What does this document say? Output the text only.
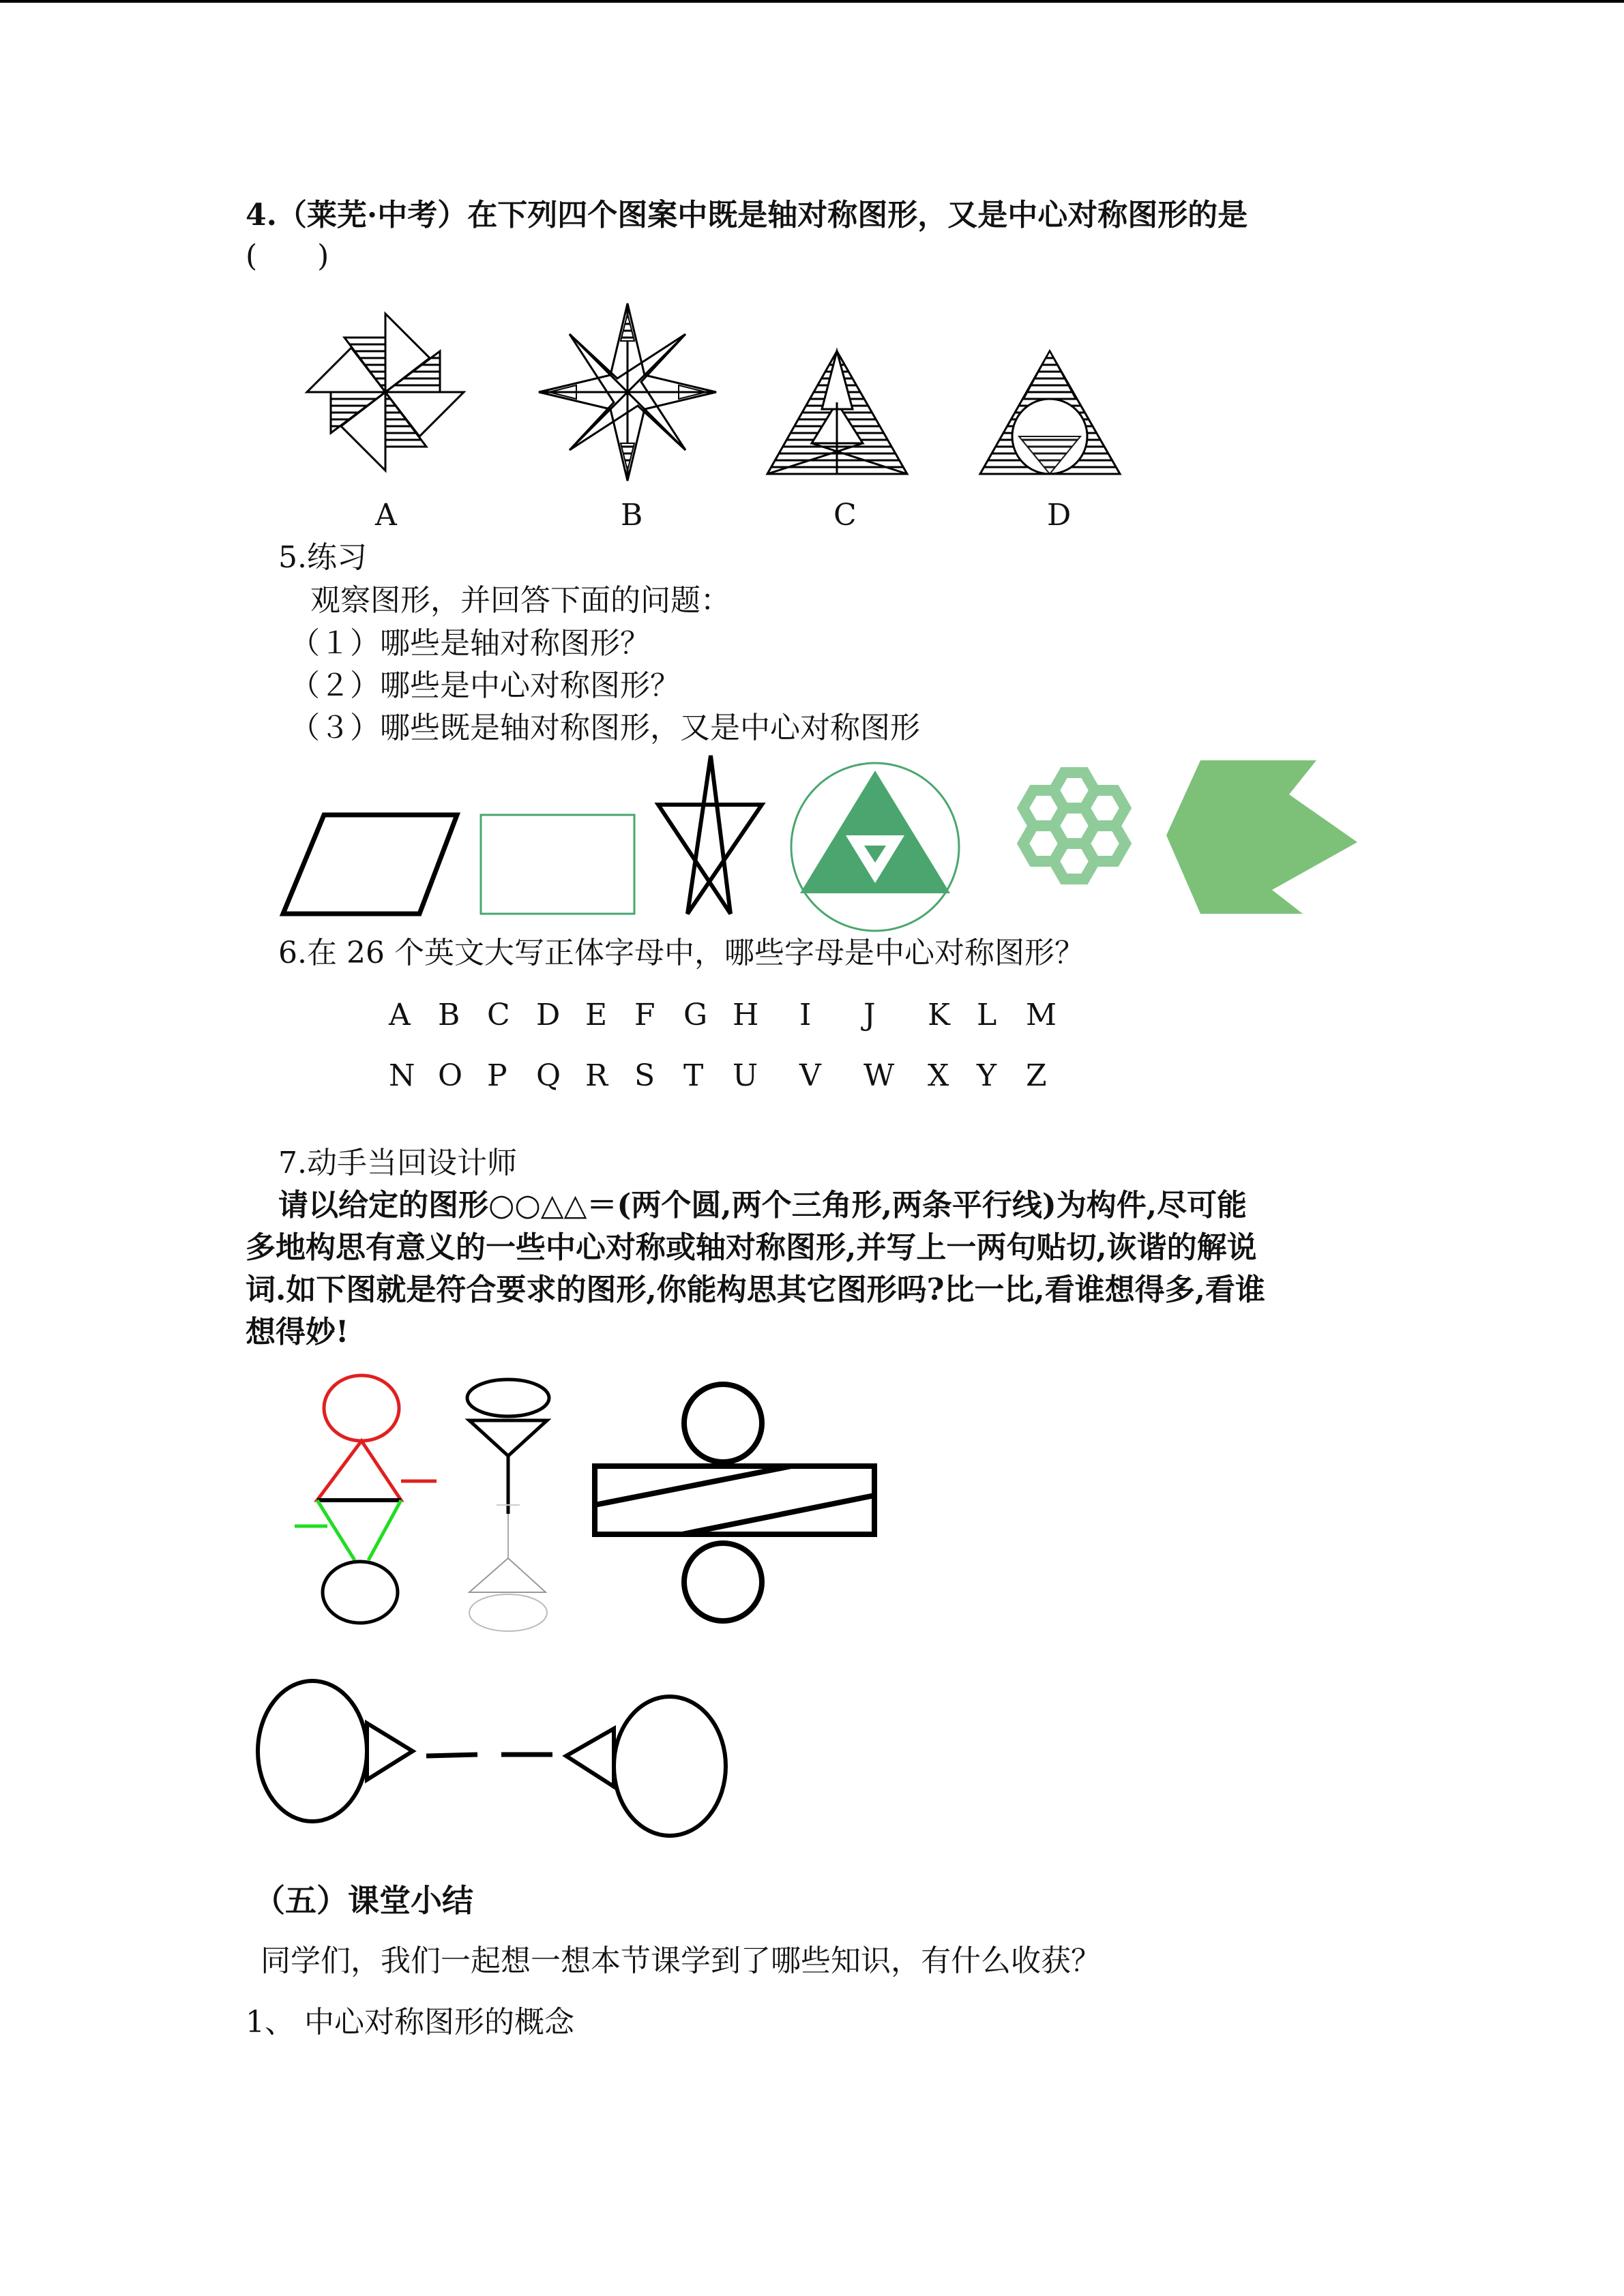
4.（莱芜·中考）在下列四个图案中既是轴对称图形，又是中心对称图形的是
(　　)
A	B	C	D
5.练习
观察图形，并回答下面的问题：
（１）哪些是轴对称图形？
（２）哪些是中心对称图形？
（３）哪些既是轴对称图形，又是中心对称图形
6.在 26 个英文大写正体字母中，哪些字母是中心对称图形？
A B C D E F G H I J K L M
N O P Q R S T U V W X Y Z
7.动手当回设计师
请以给定的图形○○△△＝(两个圆,两个三角形,两条平行线)为构件,尽可能
多地构思有意义的一些中心对称或轴对称图形,并写上一两句贴切,诙谐的解说
词.如下图就是符合要求的图形,你能构思其它图形吗?比一比,看谁想得多,看谁
想得妙!
（五）课堂小结
同学们，我们一起想一想本节课学到了哪些知识，有什么收获？
1、 中心对称图形的概念
